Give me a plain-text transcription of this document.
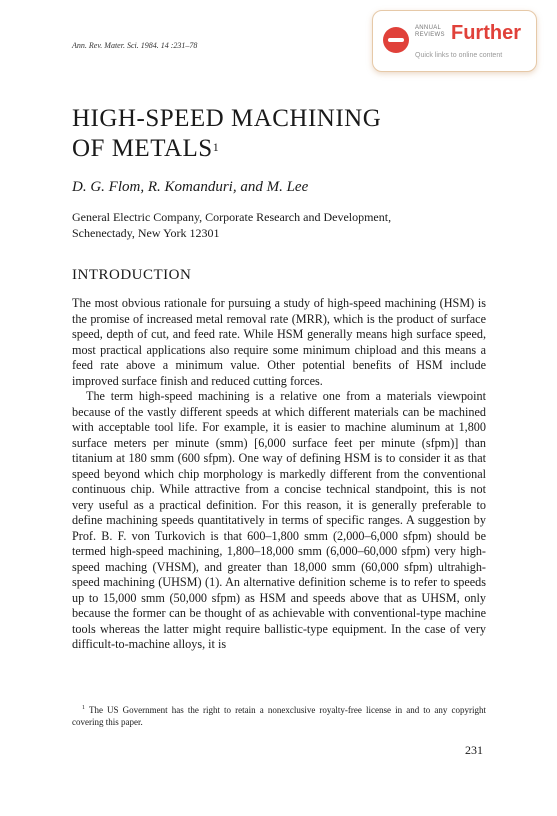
Ann. Rev. Mater. Sci. 1984. 14 :231–78
ANNUAL
REVIEWS Further
Quick links to online content
HIGH-SPEED MACHINING
OF METALS$^1$
D. G. Flom, R. Komanduri, and M. Lee
General Electric Company, Corporate Research and Development,
Schenectady, New York 12301
INTRODUCTION

The most obvious rationale for pursuing a study of high-speed machining (HSM) is the promise of increased metal removal rate (MRR), which is the product of surface speed, depth of cut, and feed rate. While HSM generally means high surface speed, most practical applications also require some minimum chipload and this means a feed rate above a minimum value. Other potential benefits of HSM include improved surface finish and reduced cutting forces.

The term high-speed machining is a relative one from a materials viewpoint because of the vastly different speeds at which different materials can be machined with acceptable tool life. For example, it is easier to machine aluminum at 1,800 surface meters per minute (smm) [6,000 surface feet per minute (sfpm)] than titanium at 180 smm (600 sfpm). One way of defining HSM is to consider it as that speed beyond which chip morphology is markedly different from the conventional continuous chip. While attractive from a concise technical standpoint, this is not very useful as a practical definition. For this reason, it is generally preferable to define machining speeds quantitatively in terms of specific ranges. A suggestion by Prof. B. F. von Turkovich is that 600–1,800 smm (2,000–6,000 sfpm) should be termed high-speed machining, 1,800–18,000 smm (6,000–60,000 sfpm) very high-speed maching (VHSM), and greater than 18,000 smm (60,000 sfpm) ultrahigh-speed machining (UHSM) (1). An alternative definition scheme is to refer to speeds up to 15,000 smm (50,000 sfpm) as HSM and speeds above that as UHSM, only because the former can be thought of as achievable with conventional-type machine tools whereas the latter might require ballistic-type equipment. In the case of very difficult-to-machine alloys, it is

$^1$ The US Government has the right to retain a nonexclusive royalty-free license in and to any copyright covering this paper.
231
